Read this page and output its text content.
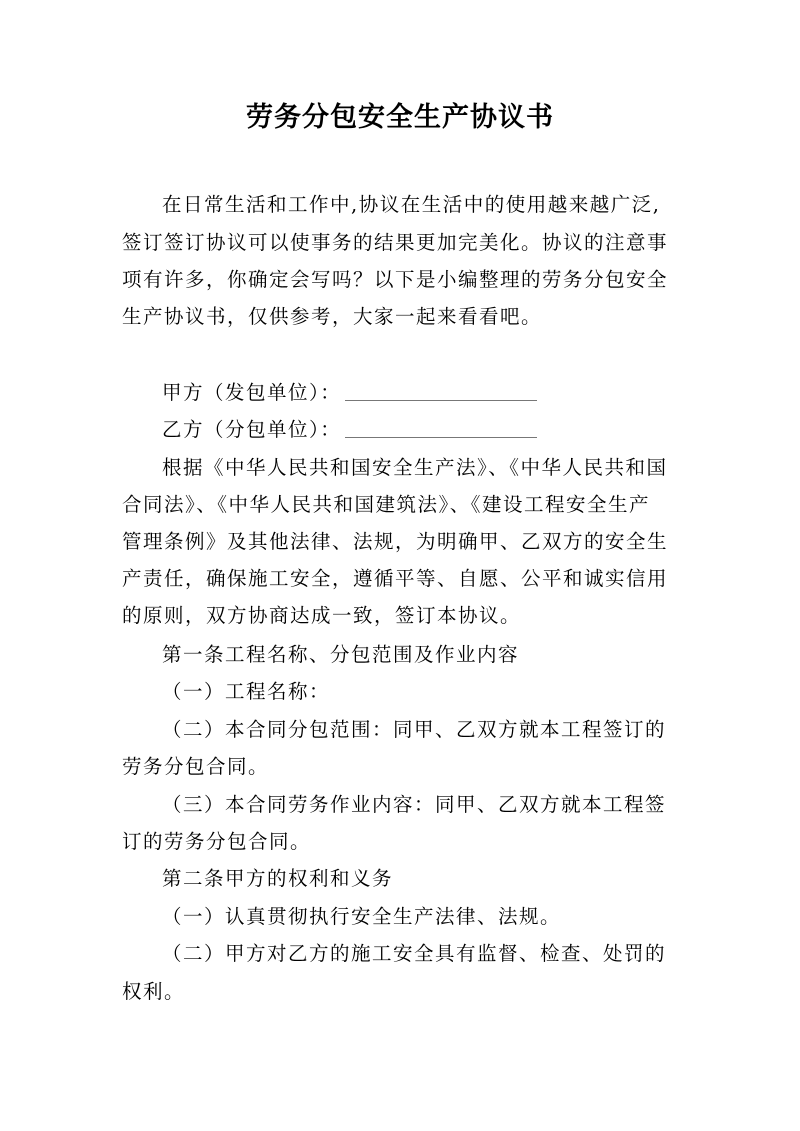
劳务分包安全生产协议书
在日常生活和工作中,协议在生活中的使用越来越广泛,
签订签订协议可以使事务的结果更加完美化。协议的注意事
项有许多，你确定会写吗？以下是小编整理的劳务分包安全
生产协议书，仅供参考，大家一起来看看吧。
甲方（发包单位）：
乙方（分包单位）：
根据《中华人民共和国安全生产法》、《中华人民共和国
合同法》、《中华人民共和国建筑法》、《建设工程安全生产
管理条例》及其他法律、法规，为明确甲、乙双方的安全生
产责任，确保施工安全，遵循平等、自愿、公平和诚实信用
的原则，双方协商达成一致，签订本协议。
第一条工程名称、分包范围及作业内容
（一）工程名称：
（二）本合同分包范围：同甲、乙双方就本工程签订的
劳务分包合同。
（三）本合同劳务作业内容：同甲、乙双方就本工程签
订的劳务分包合同。
第二条甲方的权利和义务
（一）认真贯彻执行安全生产法律、法规。
（二）甲方对乙方的施工安全具有监督、检查、处罚的
权利。
